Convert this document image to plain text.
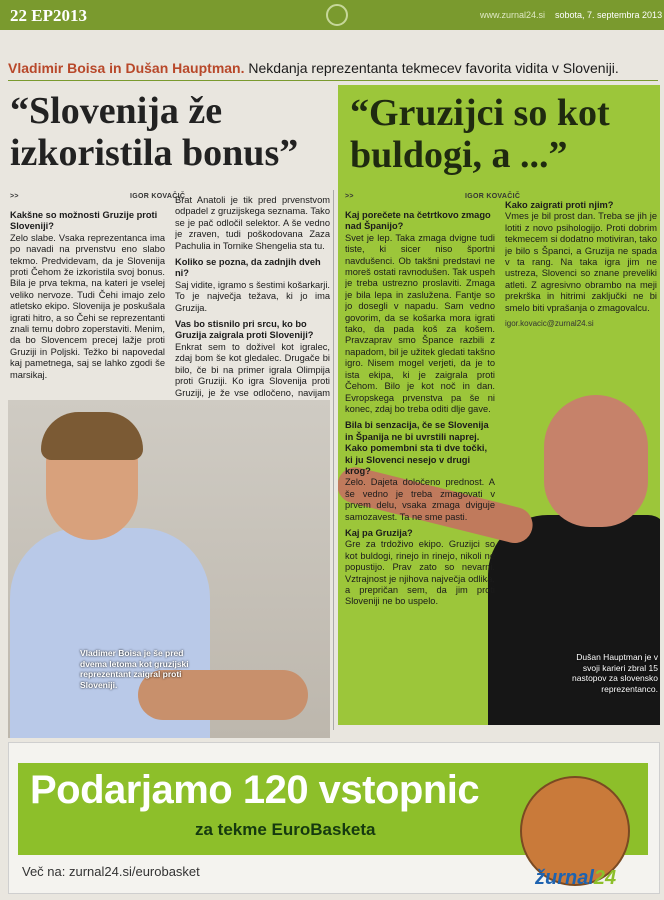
22 EP2013	www.zurnal24.si sobota, 7. septembra 2013
Vladimir Boisa in Dušan Hauptman. Nekdanja reprezentanta tekmecev favorita vidita v Sloveniji.
“Slovenija že izkoristila bonus”
“Gruzijci so kot buldogi, a ...”
>>	IGOR KOVAČIČ	>>	IGOR KOVAČIČ
Kakšne so možnosti Gruzije proti Sloveniji?

Zelo slabe. Vsaka reprezentanca ima po navadi na prvenstvu eno slabo tekmo. Predvidevam, da je Slovenija proti Čehom že izkoristila svoj bonus. Bila je prva tekma, na kateri je vselej veliko nervoze. Tudi Čehi imajo zelo atletsko ekipo. Slovenija je poskušala igrati hitro, a so Čehi se reprezentanti znali temu dobro zoperstaviti. Menim, da bo Slovencem precej lažje proti Gruziji in Poljski. Težko bi napovedal kaj pametnega, saj se lahko zgodi še marsikaj.

Brat Anatoli je tik pred prvenstvom odpadel z gruzijskega seznama. Tako se je pač odločil selektor. A še vedno je zraven, tudi poškodovana Zaza Pachulia in Tornike Shengelia sta tu.

Koliko se pozna, da zadnjih dveh ni?

Saj vidite, igramo s šestimi košarkarji. To je največja težava, ki jo ima Gruzija.

Vas bo stisnilo pri srcu, ko bo Gruzija zaigrala proti Sloveniji?

Enkrat sem to doživel kot igralec, zdaj bom še kot gledalec. Drugače bi bilo, če bi na primer igrala Olimpija proti Gruziji. Ko igra Slovenija proti Gruziji, je že vse odločeno, navijam

Vladimer Boisa je še pred dvema letoma kot gruzijski reprezentant zaigral proti Sloveniji.
Kaj porečete na četrtkovo zmago nad Španijo?

Svet je lep. Taka zmaga dvigne tudi tiste, ki sicer niso športni navdušenci. Ob takšni predstavi ne moreš ostati ravnodušen. Tak uspeh je treba ustrezno proslaviti. Zmaga je bila lepa in zaslužena. Fantje so jo dosegli v napadu. Sam vedno govorim, da se košarka mora igrati tako, da pada koš za košem. Pravzaprav smo Špance razbili z napadom, bil je užitek gledati takšno igro. Nisem mogel verjeti, da je to ista ekipa, ki je zaigrala proti Čehom. Bilo je kot noč in dan. Evropskega prvenstva pa še ni konec, zdaj bo treba oditi dlje gave.

Bila bi senzacija, če se Slovenija in Španija ne bi uvrstili naprej. Kako pomembni sta ti dve točki, ki ju Slovenci nesejo v drugi krog?

Zelo. Dajeta določeno prednost. A še vedno je treba zmagovati v prvem delu, vsaka zmaga dviguje samozavest. Ta ne sme pasti.

Kaj pa Gruzija?

Gre za trdoživo ekipo. Gruzijci so kot buldogi, rinejo in rinejo, nikoli ne popustijo. Prav zato so nevarni. Vztrajnost je njihova največja odlika, a prepričan sem, da jim proti Sloveniji ne bo uspelo.

Kako zaigrati proti njim?

Vmes je bil prost dan. Treba se jih je lotiti z novo psihologijo. Proti dobrim tekmecem si dodatno motiviran, tako je bilo s Španci, a Gruzija ne spada v ta rang. Na taka igra jim ne ustreza, Slovenci so znane preveliki atleti. Z agresivno obrambo na meji prekrška in hitrimi zaključki ne bi smelo biti vprašanja o zmagovalcu.

igor.kovacic@zurnal24.si
Dušan Hauptman je v svoji karieri zbral 15 nastopov za slovensko reprezentanco.
Podarjamo 120 vstopnic
za tekme EuroBasketa
Več na: zurnal24.si/eurobasket	žurnal24
